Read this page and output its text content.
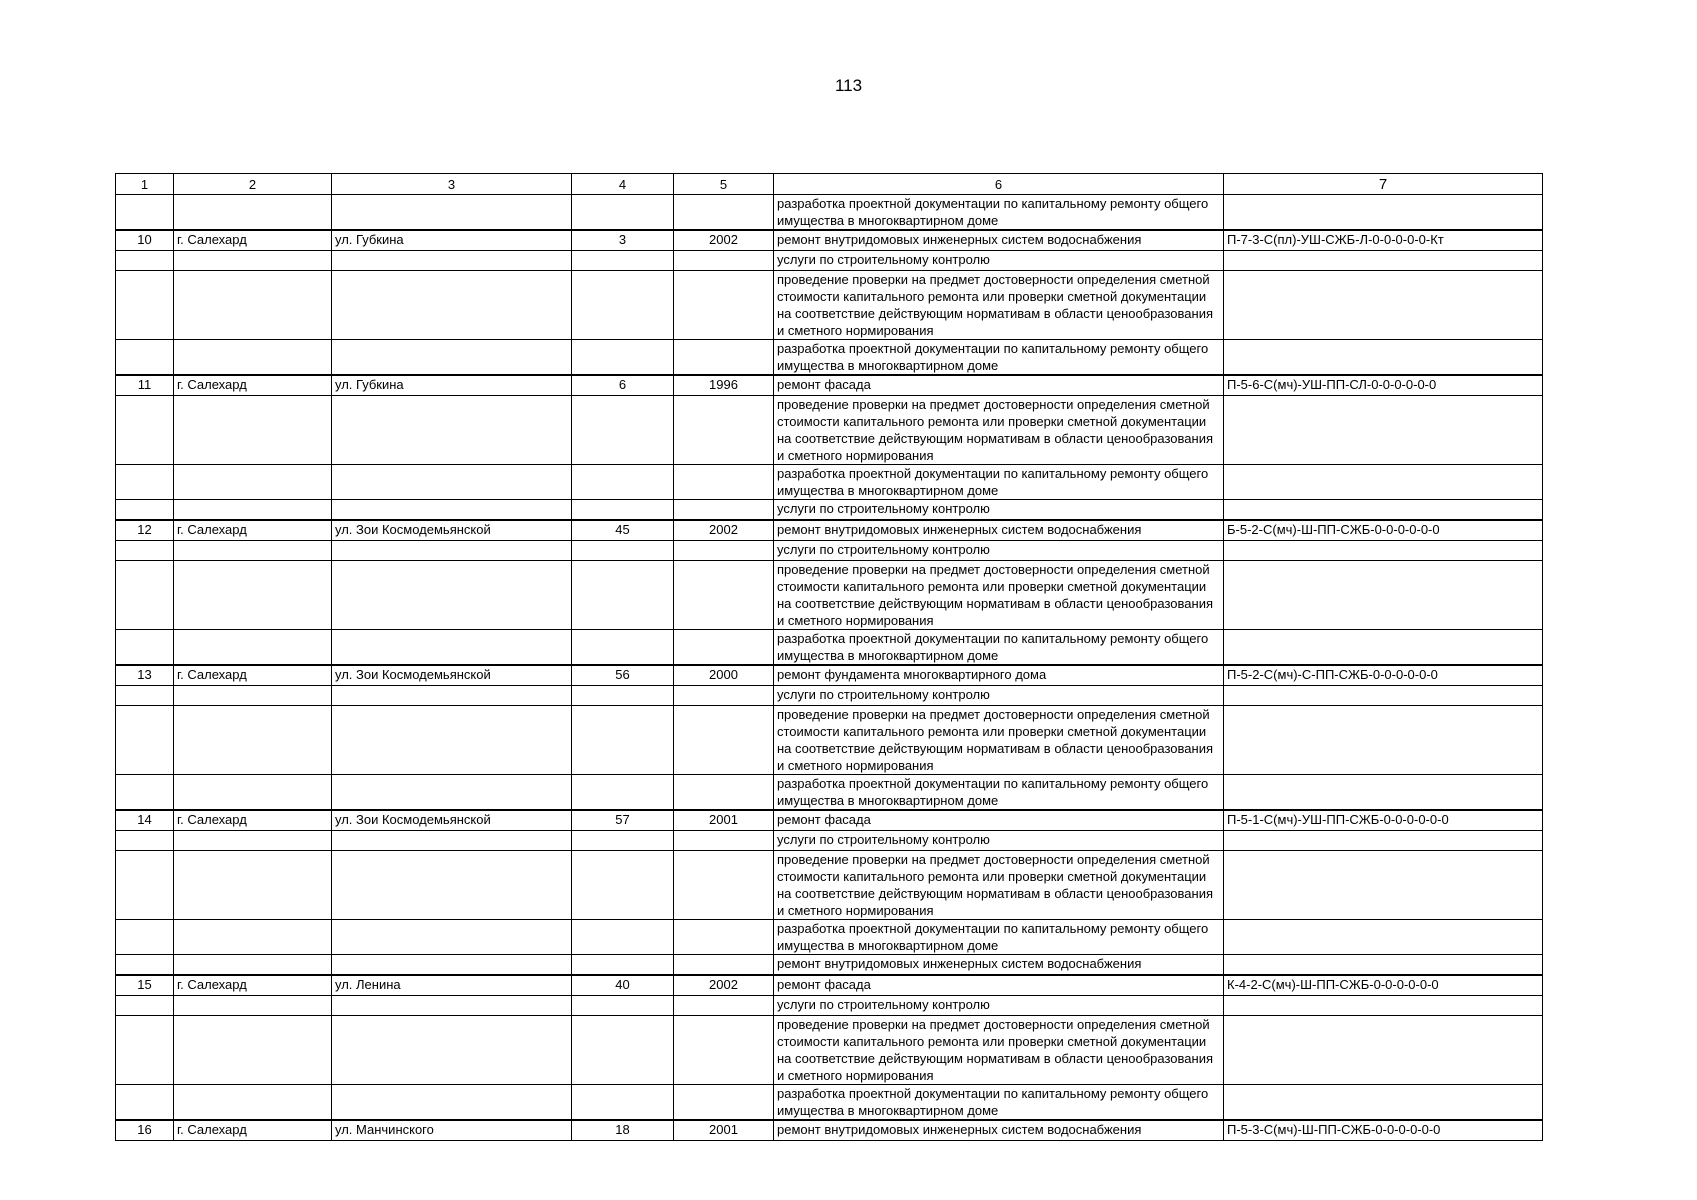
113
1	2	3	4	5	6	7
					разработка проектной документации по капитальному ремонту общего имущества в многоквартирном доме	
10	г. Салехард	ул. Губкина	3	2002	ремонт внутридомовых инженерных систем водоснабжения	П-7-3-С(пл)-УШ-СЖБ-Л-0-0-0-0-0-Кт
					услуги по строительному контролю	
					проведение проверки на предмет достоверности определения сметной стоимости капитального ремонта или проверки сметной документации на соответствие действующим нормативам в области ценообразования и сметного нормирования	
					разработка проектной документации по капитальному ремонту общего имущества в многоквартирном доме	
11	г. Салехард	ул. Губкина	6	1996	ремонт фасада	П-5-6-С(мч)-УШ-ПП-СЛ-0-0-0-0-0-0
					проведение проверки на предмет достоверности определения сметной стоимости капитального ремонта или проверки сметной документации на соответствие действующим нормативам в области ценообразования и сметного нормирования	
					разработка проектной документации по капитальному ремонту общего имущества в многоквартирном доме	
					услуги по строительному контролю	
12	г. Салехард	ул. Зои Космодемьянской	45	2002	ремонт внутридомовых инженерных систем водоснабжения	Б-5-2-С(мч)-Ш-ПП-СЖБ-0-0-0-0-0-0
					услуги по строительному контролю	
					проведение проверки на предмет достоверности определения сметной стоимости капитального ремонта или проверки сметной документации на соответствие действующим нормативам в области ценообразования и сметного нормирования	
					разработка проектной документации по капитальному ремонту общего имущества в многоквартирном доме	
13	г. Салехард	ул. Зои Космодемьянской	56	2000	ремонт фундамента многоквартирного дома	П-5-2-С(мч)-С-ПП-СЖБ-0-0-0-0-0-0
					услуги по строительному контролю	
					проведение проверки на предмет достоверности определения сметной стоимости капитального ремонта или проверки сметной документации на соответствие действующим нормативам в области ценообразования и сметного нормирования	
					разработка проектной документации по капитальному ремонту общего имущества в многоквартирном доме	
14	г. Салехард	ул. Зои Космодемьянской	57	2001	ремонт фасада	П-5-1-С(мч)-УШ-ПП-СЖБ-0-0-0-0-0-0
					услуги по строительному контролю	
					проведение проверки на предмет достоверности определения сметной стоимости капитального ремонта или проверки сметной документации на соответствие действующим нормативам в области ценообразования и сметного нормирования	
					разработка проектной документации по капитальному ремонту общего имущества в многоквартирном доме	
					ремонт внутридомовых инженерных систем водоснабжения	
15	г. Салехард	ул. Ленина	40	2002	ремонт фасада	К-4-2-С(мч)-Ш-ПП-СЖБ-0-0-0-0-0-0
					услуги по строительному контролю	
					проведение проверки на предмет достоверности определения сметной стоимости капитального ремонта или проверки сметной документации на соответствие действующим нормативам в области ценообразования и сметного нормирования	
					разработка проектной документации по капитальному ремонту общего имущества в многоквартирном доме	
16	г. Салехард	ул. Манчинского	18	2001	ремонт внутридомовых инженерных систем водоснабжения	П-5-3-С(мч)-Ш-ПП-СЖБ-0-0-0-0-0-0
